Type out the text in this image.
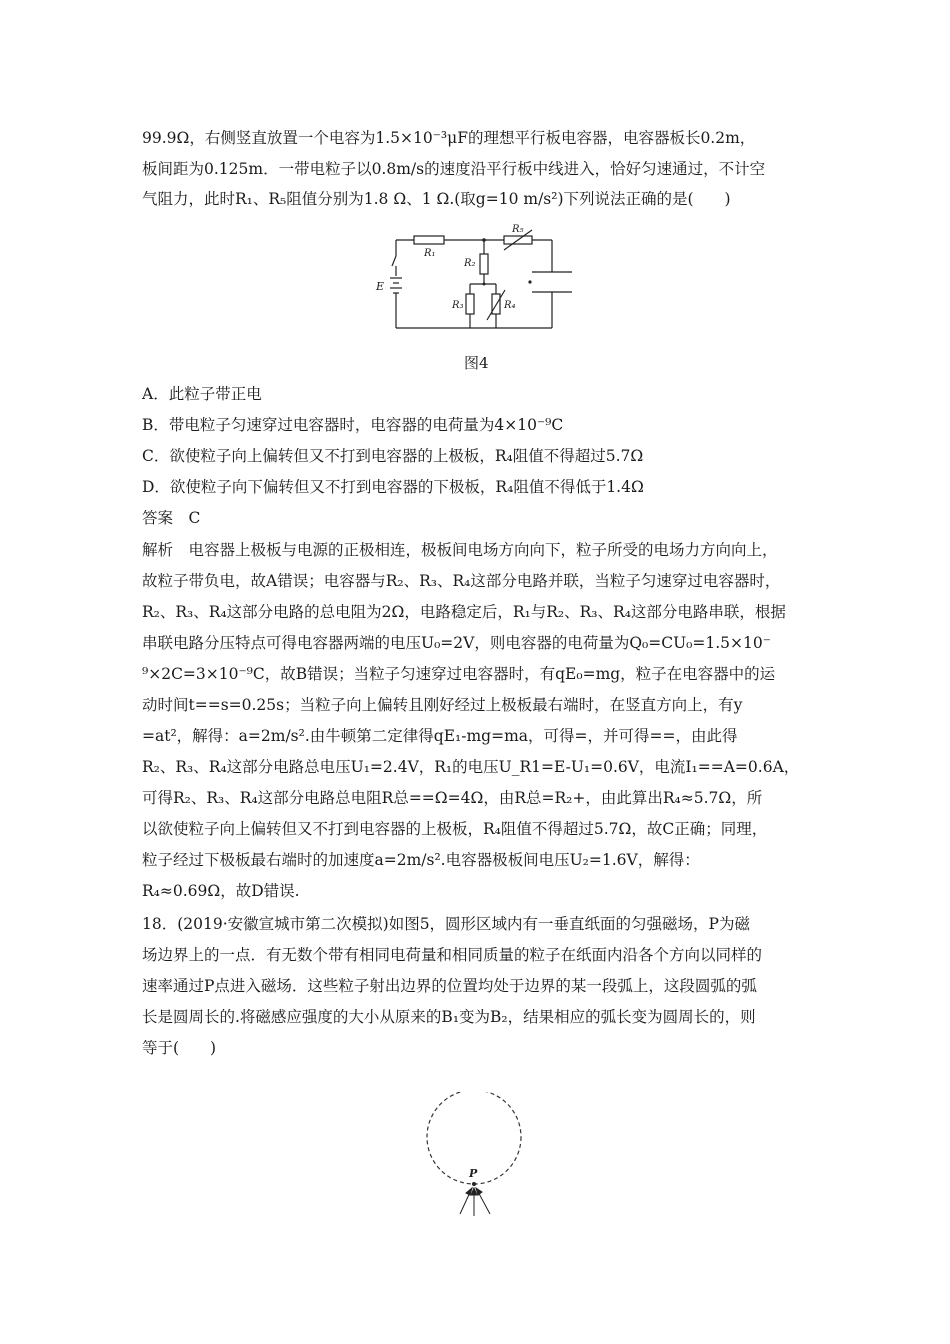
99.9Ω，右侧竖直放置一个电容为1.5×10⁻³μF的理想平行板电容器，电容器板长0.2m，
板间距为0.125m．一带电粒子以0.8m/s的速度沿平行板中线进入，恰好匀速通过，不计空
气阻力，此时R₁、R₅阻值分别为1.8 Ω、1 Ω.(取g=10 m/s²)下列说法正确的是(　　)
R₁
R₅
R₂
R₃	R₄
E
图4
A．此粒子带正电
B．带电粒子匀速穿过电容器时，电容器的电荷量为4×10⁻⁹C
C．欲使粒子向上偏转但又不打到电容器的上极板，R₄阻值不得超过5.7Ω
D．欲使粒子向下偏转但又不打到电容器的下极板，R₄阻值不得低于1.4Ω
答案　C
解析　电容器上极板与电源的正极相连，极板间电场方向向下，粒子所受的电场力方向向上，
故粒子带负电，故A错误；电容器与R₂、R₃、R₄这部分电路并联，当粒子匀速穿过电容器时，
R₂、R₃、R₄这部分电路的总电阻为2Ω，电路稳定后，R₁与R₂、R₃、R₄这部分电路串联，根据
串联电路分压特点可得电容器两端的电压U₀=2V，则电容器的电荷量为Q₀=CU₀=1.5×10⁻
⁹×2C=3×10⁻⁹C，故B错误；当粒子匀速穿过电容器时，有qE₀=mg，粒子在电容器中的运
动时间t==s=0.25s；当粒子向上偏转且刚好经过上极板最右端时，在竖直方向上，有y
=at²，解得：a=2m/s².由牛顿第二定律得qE₁-mg=ma，可得=，并可得==，由此得
R₂、R₃、R₄这部分电路总电压U₁=2.4V，R₁的电压U_R1=E-U₁=0.6V，电流I₁==A=0.6A，
可得R₂、R₃、R₄这部分电路总电阻R总==Ω=4Ω，由R总=R₂+，由此算出R₄≈5.7Ω，所
以欲使粒子向上偏转但又不打到电容器的上极板，R₄阻值不得超过5.7Ω，故C正确；同理，
粒子经过下极板最右端时的加速度a=2m/s².电容器极板间电压U₂=1.6V，解得：
R₄≈0.69Ω，故D错误.
18．(2019·安徽宣城市第二次模拟)如图5，圆形区域内有一垂直纸面的匀强磁场，P为磁
场边界上的一点．有无数个带有相同电荷量和相同质量的粒子在纸面内沿各个方向以同样的
速率通过P点进入磁场．这些粒子射出边界的位置均处于边界的某一段弧上，这段圆弧的弧
长是圆周长的.将磁感应强度的大小从原来的B₁变为B₂，结果相应的弧长变为圆周长的，则
等于(　　)
P
